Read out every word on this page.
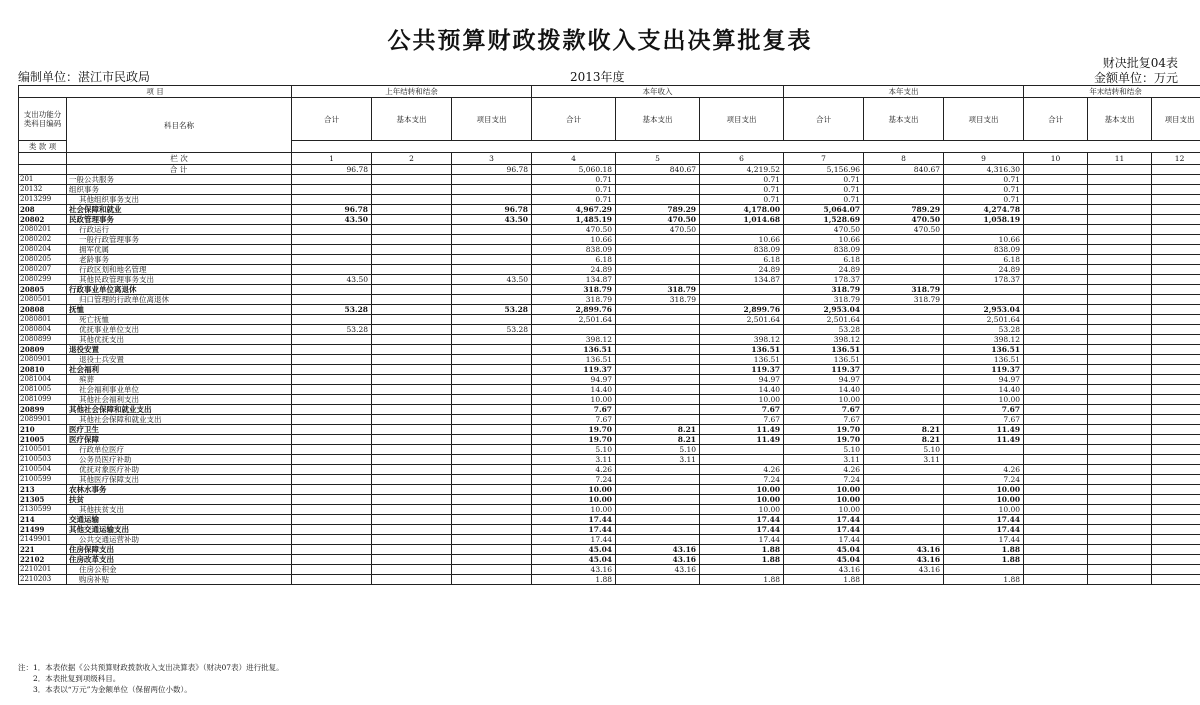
公共预算财政拨款收入支出决算批复表
财决批复04表
编制单位：湛江市民政局	2013年度	金额单位：万元
项 目		上年结转和结余			本年收入			本年支出			年末结转和结余		
支出功能分类科目编码	科目名称	合计	基本支出	项目支出	合计	基本支出	项目支出	合计	基本支出	项目支出	合计	基本支出	项目支出
类 款 项													
	栏 次	1	2	3	4	5	6	7	8	9	10	11	12
	合 计	96.78		96.78	5,060.18	840.67	4,219.52	5,156.96	840.67	4,316.30			
201	一般公共服务				0.71		0.71	0.71		0.71			
20132	组织事务				0.71		0.71	0.71		0.71			
2013299	其他组织事务支出				0.71		0.71	0.71		0.71			
208	社会保障和就业	96.78		96.78	4,967.29	789.29	4,178.00	5,064.07	789.29	4,274.78			
20802	民政管理事务	43.50		43.50	1,485.19	470.50	1,014.68	1,528.69	470.50	1,058.19			
2080201	行政运行				470.50	470.50		470.50	470.50				
2080202	一般行政管理事务				10.66		10.66	10.66		10.66			
2080204	拥军优属				838.09		838.09	838.09		838.09			
2080205	老龄事务				6.18		6.18	6.18		6.18			
2080207	行政区划和地名管理				24.89		24.89	24.89		24.89			
2080299	其他民政管理事务支出	43.50		43.50	134.87		134.87	178.37		178.37			
20805	行政事业单位离退休				318.79	318.79		318.79	318.79				
2080501	归口管理的行政单位离退休				318.79	318.79		318.79	318.79				
20808	抚恤	53.28		53.28	2,899.76		2,899.76	2,953.04		2,953.04			
2080801	死亡抚恤				2,501.64		2,501.64	2,501.64		2,501.64			
2080804	优抚事业单位支出	53.28		53.28				53.28		53.28			
2080899	其他优抚支出				398.12		398.12	398.12		398.12			
20809	退役安置				136.51		136.51	136.51		136.51			
2080901	退役士兵安置				136.51		136.51	136.51		136.51			
20810	社会福利				119.37		119.37	119.37		119.37			
2081004	殡葬				94.97		94.97	94.97		94.97			
2081005	社会福利事业单位				14.40		14.40	14.40		14.40			
2081099	其他社会福利支出				10.00		10.00	10.00		10.00			
20899	其他社会保障和就业支出				7.67		7.67	7.67		7.67			
2089901	其他社会保障和就业支出				7.67		7.67	7.67		7.67			
210	医疗卫生				19.70	8.21	11.49	19.70	8.21	11.49			
21005	医疗保障				19.70	8.21	11.49	19.70	8.21	11.49			
2100501	行政单位医疗				5.10	5.10		5.10	5.10				
2100503	公务员医疗补助				3.11	3.11		3.11	3.11				
2100504	优抚对象医疗补助				4.26		4.26	4.26		4.26			
2100599	其他医疗保障支出				7.24		7.24	7.24		7.24			
213	农林水事务				10.00		10.00	10.00		10.00			
21305	扶贫				10.00		10.00	10.00		10.00			
2130599	其他扶贫支出				10.00		10.00	10.00		10.00			
214	交通运输				17.44		17.44	17.44		17.44			
21499	其他交通运输支出				17.44		17.44	17.44		17.44			
2149901	公共交通运营补助				17.44		17.44	17.44		17.44			
221	住房保障支出				45.04	43.16	1.88	45.04	43.16	1.88			
22102	住房改革支出				45.04	43.16	1.88	45.04	43.16	1.88			
2210201	住房公积金				43.16	43.16		43.16	43.16				
2210203	购房补贴				1.88		1.88	1.88		1.88			
注：1．本表依据《公共预算财政拨款收入支出决算表》（财决07表）进行批复。
　　2．本表批复到项级科目。
　　3．本表以“万元”为金额单位（保留两位小数）。
